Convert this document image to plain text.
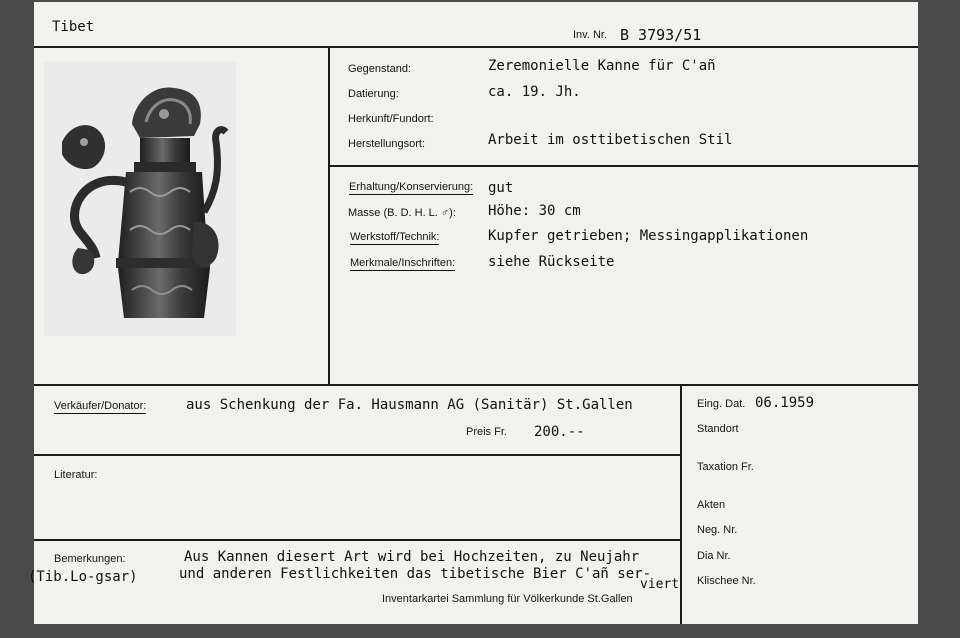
Tibet	Inv. Nr. B 3793/51
Gegenstand:	Zeremonielle Kanne für C'añ
Datierung:	ca. 19. Jh.
Herkunft/Fundort:
Herstellungsort:	Arbeit im osttibetischen Stil
Erhaltung/Konservierung: gut
Masse (B. D. H. L. ♂): Höhe: 30 cm
Werkstoff/Technik:	Kupfer getrieben; Messingapplikationen
Merkmale/Inschriften: siehe Rückseite
Verkäufer/Donator:	aus Schenkung der Fa. Hausmann AG (Sanitär) St.Gallen
Preis Fr. 200.--
Eing. Dat. 06.1959
Standort
Taxation Fr.
Akten
Neg. Nr.
Dia Nr.
Klischee Nr.
Literatur:
Bemerkungen:	Aus Kannen diesert Art wird bei Hochzeiten, zu Neujahr
(Tib.Lo-gsar)	und anderen Festlichkeiten das tibetische Bier C'añ ser-
viert
Inventarkartei Sammlung für Völkerkunde St.Gallen
